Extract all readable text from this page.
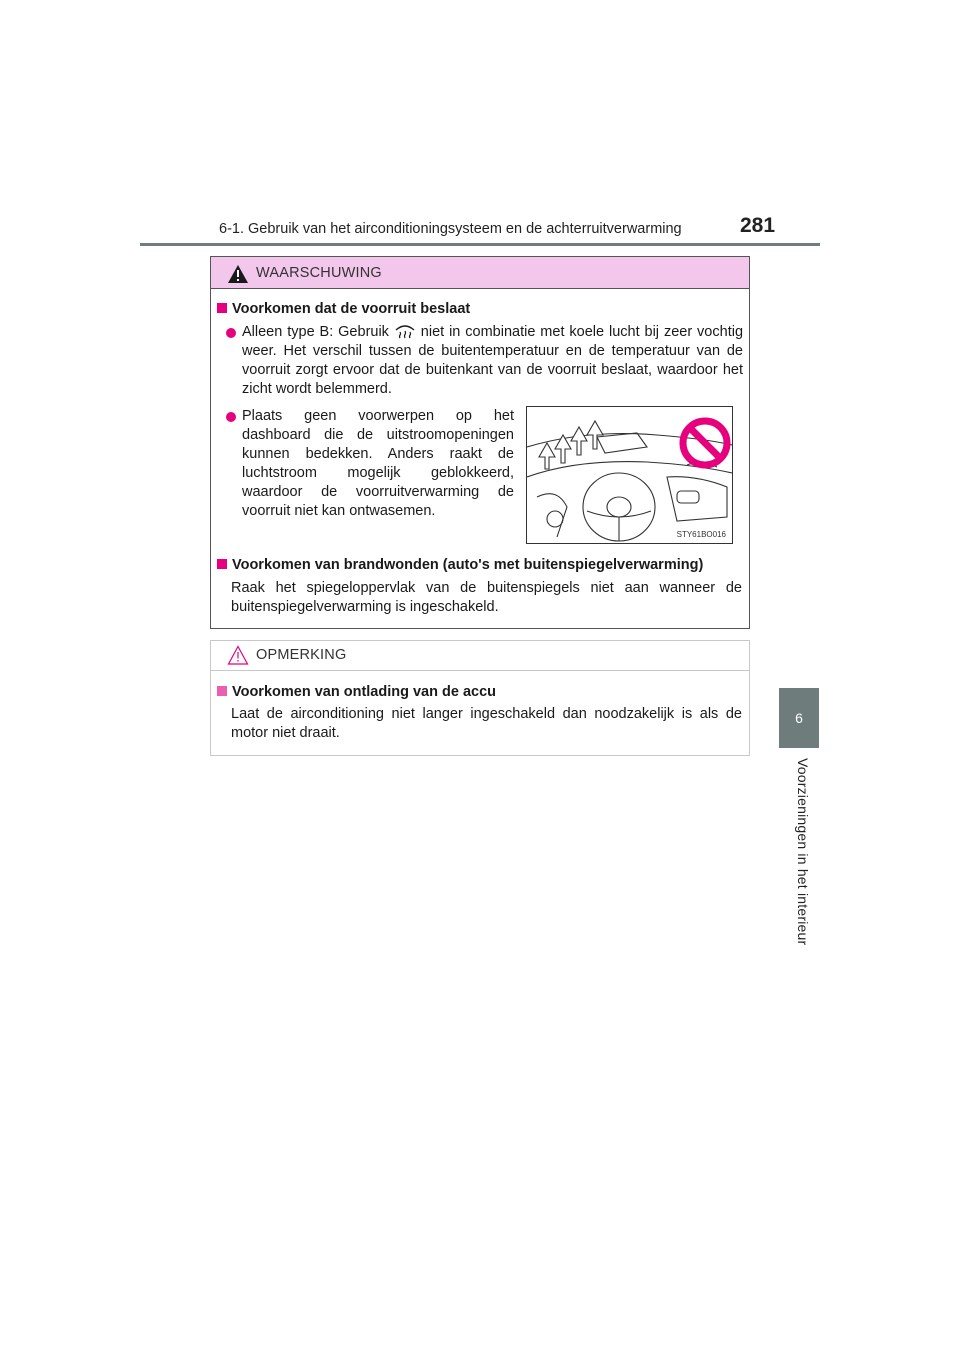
6-1. Gebruik van het airconditioningsysteem en de achterruitverwarming	281
6
Voorzieningen in het interieur
WAARSCHUWING
Voorkomen dat de voorruit beslaat
Alleen type B: Gebruik niet in combinatie met koele lucht bij zeer vochtig weer. Het verschil tussen de buitentemperatuur en de temperatuur van de voorruit zorgt ervoor dat de buitenkant van de voorruit beslaat, waardoor het zicht wordt belemmerd.
Plaats geen voorwerpen op het dashboard die de uitstroomopeningen kunnen bedekken. Anders raakt de luchtstroom mogelijk geblokkeerd, waardoor de voorruitverwarming de voorruit niet kan ontwasemen.
STY61BO016
Voorkomen van brandwonden (auto's met buitenspiegelverwarming)
Raak het spiegeloppervlak van de buitenspiegels niet aan wanneer de buitenspiegelverwarming is ingeschakeld.
OPMERKING
Voorkomen van ontlading van de accu
Laat de airconditioning niet langer ingeschakeld dan noodzakelijk is als de motor niet draait.
